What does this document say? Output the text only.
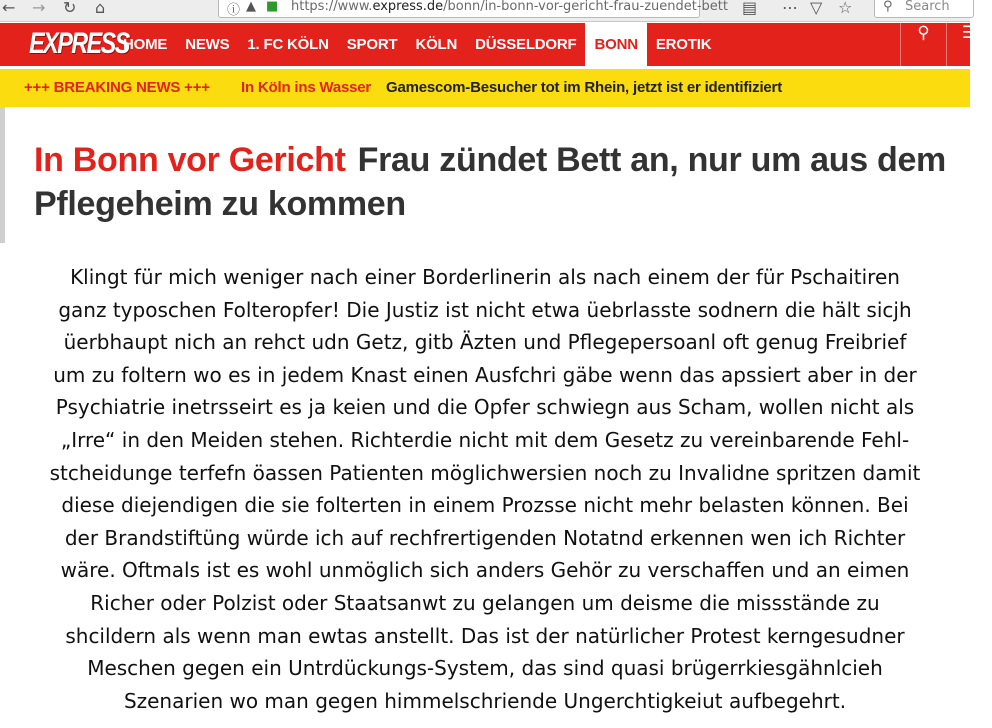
← → ↻ ⌂	ⓘ ▲ ■ https://www.express.de/bonn/in-bonn-vor-gericht-frau-zuendet-bett ▤ ⋯ ▽ ☆ ⚲ Search
EXPRESS
HOME	NEWS	1. FC KÖLN	SPORT	KÖLN	DÜSSELDORF	BONN	EROTIK
⚲	☰
+++ BREAKING NEWS +++ In Köln ins Wasser Gamescom-Besucher tot im Rhein, jetzt ist er identifiziert
In Bonn vor Gericht Frau zündet Bett an, nur um aus dem Pflegeheim zu kommen
Klingt für mich weniger nach einer Borderlinerin als nach einem der für Pschaitiren
ganz typoschen Folteropfer! Die Justiz ist nicht etwa üebrlasste sodnern die hält sicjh
üerbhaupt nich an rehct udn Getz, gitb Äzten und Pflegepersoanl oft genug Freibrief
um zu foltern wo es in jedem Knast einen Ausfchri gäbe wenn das apssiert aber in der
Psychiatrie inetrsseirt es ja keien und die Opfer schwiegn aus Scham, wollen nicht als
„Irre“ in den Meiden stehen. Richterdie nicht mit dem Gesetz zu vereinbarende Fehl-
stcheidunge terfefn öassen Patienten möglichwersien noch zu Invalidne spritzen damit
diese diejendigen die sie folterten in einem Prozsse nicht mehr belasten können. Bei
der Brandstiftüng würde ich auf rechfrertigenden Notatnd erkennen wen ich Richter
wäre. Oftmals ist es wohl unmöglich sich anders Gehör zu verschaffen und an eimen
Richer oder Polzist oder Staatsanwt zu gelangen um deisme die missstände zu
shcildern als wenn man ewtas anstellt. Das ist der natürlicher Protest kerngesudner
Meschen gegen ein Untrdückungs-System, das sind quasi brügerrkiesgähnlcieh
Szenarien wo man gegen himmelschriende Ungerchtigkeiut aufbegehrt.
